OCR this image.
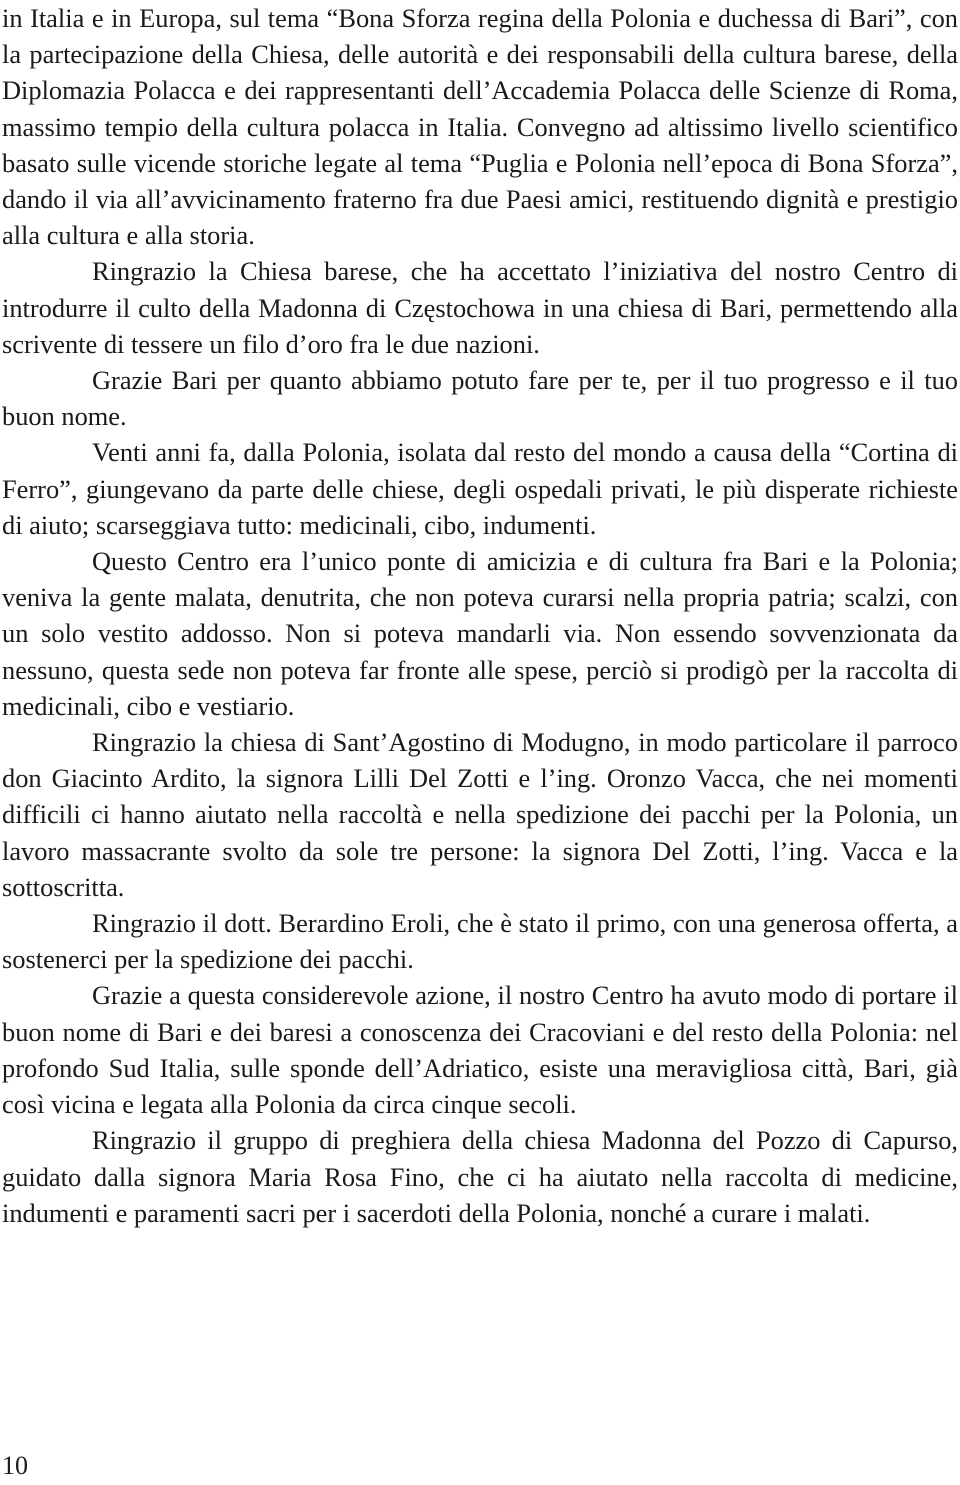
in Italia e in Europa, sul tema “Bona Sforza regina della Polonia e duchessa di Bari”, con la partecipazione della Chiesa, delle autorità e dei responsabili della cultura barese, della Diplomazia Polacca e dei rappresentanti dell’Accademia Polacca delle Scienze di Roma, massimo tempio della cultura polacca in Italia. Convegno ad altissimo livello scientifico basato sulle vicende storiche legate al tema “Puglia e Polonia nell’epoca di Bona Sforza”, dando il via all’avvicinamento fraterno fra due Paesi amici, restituendo dignità e prestigio alla cultura e alla storia.

Ringrazio la Chiesa barese, che ha accettato l’iniziativa del nostro Centro di introdurre il culto della Madonna di Częstochowa in una chiesa di Bari, permettendo alla scrivente di tessere un filo d’oro fra le due nazioni.

Grazie Bari per quanto abbiamo potuto fare per te, per il tuo progresso e il tuo buon nome.

Venti anni fa, dalla Polonia, isolata dal resto del mondo a causa della “Cortina di Ferro”, giungevano da parte delle chiese, degli ospedali privati, le più disperate richieste di aiuto; scarseggiava tutto: medicinali, cibo, indumenti.

Questo Centro era l’unico ponte di amicizia e di cultura fra Bari e la Polonia; veniva la gente malata, denutrita, che non poteva curarsi nella propria patria; scalzi, con un solo vestito addosso. Non si poteva mandarli via. Non essendo sovvenzionata da nessuno, questa sede non poteva far fronte alle spese, perciò si prodigò per la raccolta di medicinali, cibo e vestiario.

Ringrazio la chiesa di Sant’Agostino di Modugno, in modo particolare il parroco don Giacinto Ardito, la signora Lilli Del Zotti e l’ing. Oronzo Vacca, che nei momenti difficili ci hanno aiutato nella raccoltà e nella spedizione dei pacchi per la Polonia, un lavoro massacrante svolto da sole tre persone: la signora Del Zotti, l’ing. Vacca e la sottoscritta.

Ringrazio il dott. Berardino Eroli, che è stato il primo, con una generosa offerta, a sostenerci per la spedizione dei pacchi.

Grazie a questa considerevole azione, il nostro Centro ha avuto modo di portare il buon nome di Bari e dei baresi a conoscenza dei Cracoviani e del resto della Polonia: nel profondo Sud Italia, sulle sponde dell’Adriatico, esiste una meravigliosa città, Bari, già così vicina e legata alla Polonia da circa cinque secoli.

Ringrazio il gruppo di preghiera della chiesa Madonna del Pozzo di Capurso, guidato dalla signora Maria Rosa Fino, che ci ha aiutato nella raccolta di medicine, indumenti e paramenti sacri per i sacerdoti della Polonia, nonché a curare i malati.

10
